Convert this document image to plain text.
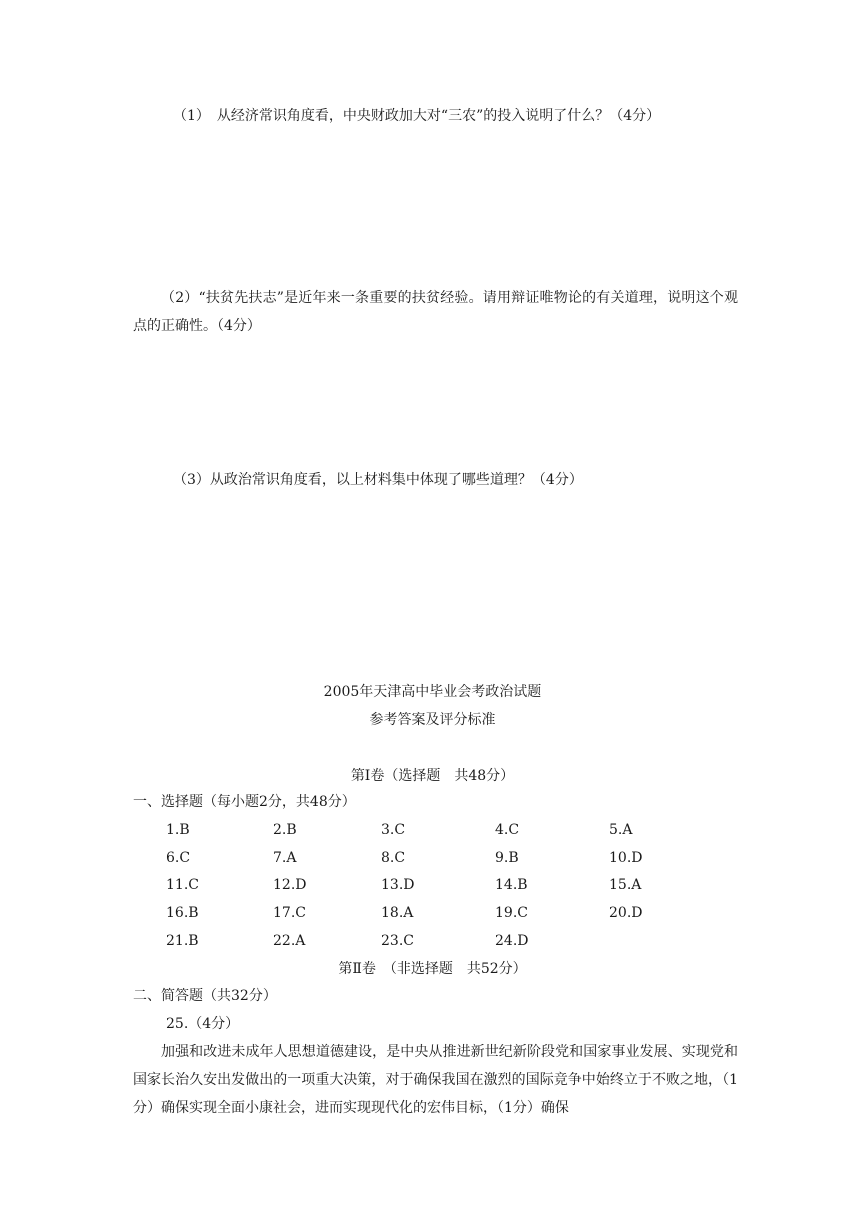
（1）　从经济常识角度看，中央财政加大对“三农”的投入说明了什么？（4分）
（2）“扶贫先扶志”是近年来一条重要的扶贫经验。请用辩证唯物论的有关道理，说明这个观点的正确性。（4分）
（3）从政治常识角度看，以上材料集中体现了哪些道理？（4分）
2005年天津高中毕业会考政治试题
参考答案及评分标准
第Ⅰ卷（选择题　共48分）
一、选择题（每小题2分，共48分）
1.B	2.B	3.C	4.C	5.A
6.C	7.A	8.C	9.B	10.D
11.C	12.D	13.D	14.B	15.A
16.B	17.C	18.A	19.C	20.D
21.B	22.A	23.C	24.D
第Ⅱ卷　（非选择题　共52分）
二、简答题（共32分）
25.（4分）
加强和改进未成年人思想道德建设，是中央从推进新世纪新阶段党和国家事业发展、实现党和国家长治久安出发做出的一项重大决策，对于确保我国在激烈的国际竞争中始终立于不败之地，（1分）确保实现全面小康社会，进而实现现代化的宏伟目标，（1分）确保
